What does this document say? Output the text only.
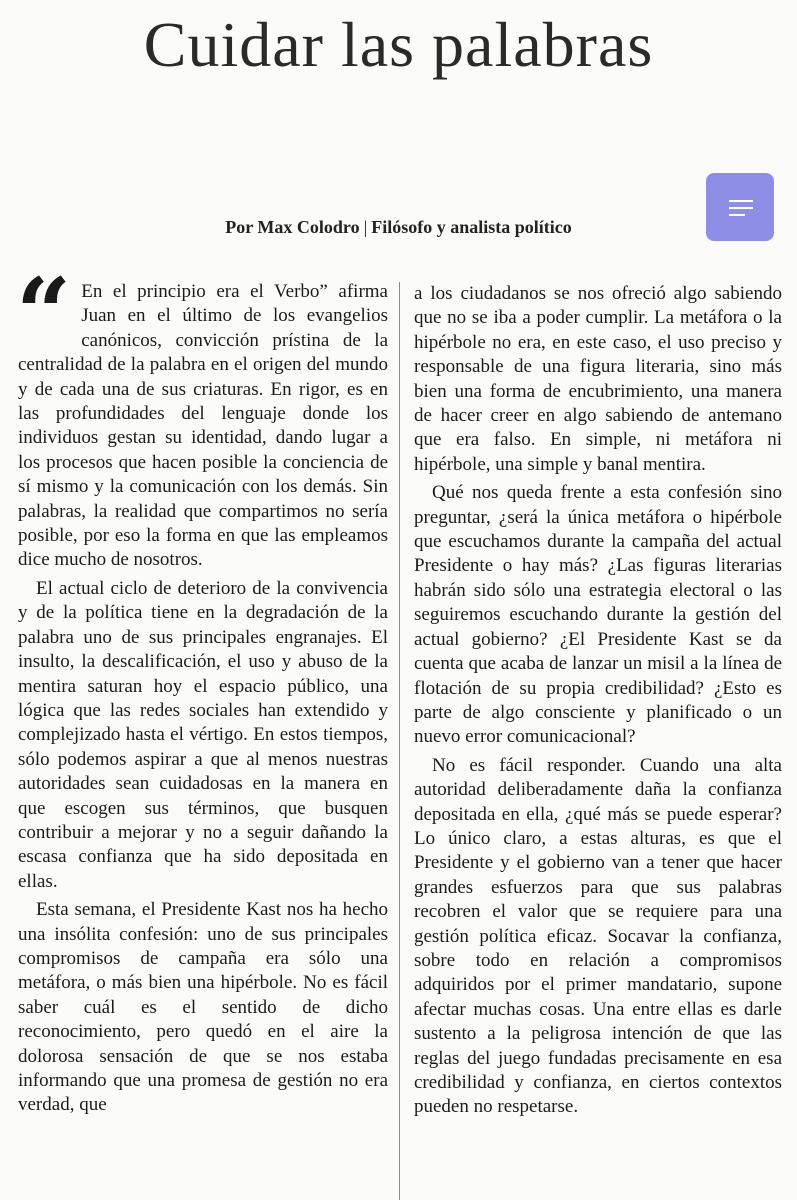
Cuidar las palabras
Por Max Colodro | Filósofo y analista político

“ En el principio era el Verbo” afirma Juan en el último de los evangelios canónicos, convicción prístina de la centralidad de la palabra en el origen del mundo y de cada una de sus criaturas. En rigor, es en las profundidades del lenguaje donde los individuos gestan su identidad, dando lugar a los procesos que hacen posible la conciencia de sí mismo y la comunicación con los demás. Sin palabras, la realidad que compartimos no sería posible, por eso la forma en que las empleamos dice mucho de nosotros.

El actual ciclo de deterioro de la convivencia y de la política tiene en la degradación de la palabra uno de sus principales engranajes. El insulto, la descalificación, el uso y abuso de la mentira saturan hoy el espacio público, una lógica que las redes sociales han extendido y complejizado hasta el vértigo. En estos tiempos, sólo podemos aspirar a que al menos nuestras autoridades sean cuidadosas en la manera en que escogen sus términos, que busquen contribuir a mejorar y no a seguir dañando la escasa confianza que ha sido depositada en ellas.

Esta semana, el Presidente Kast nos ha hecho una insólita confesión: uno de sus principales compromisos de campaña era sólo una metáfora, o más bien una hipérbole. No es fácil saber cuál es el sentido de dicho reconocimiento, pero quedó en el aire la dolorosa sensación de que se nos estaba informando que una promesa de gestión no era verdad, que

a los ciudadanos se nos ofreció algo sabiendo que no se iba a poder cumplir. La metáfora o la hipérbole no era, en este caso, el uso preciso y responsable de una figura literaria, sino más bien una forma de encubrimiento, una manera de hacer creer en algo sabiendo de antemano que era falso. En simple, ni metáfora ni hipérbole, una simple y banal mentira.

Qué nos queda frente a esta confesión sino preguntar, ¿será la única metáfora o hipérbole que escuchamos durante la campaña del actual Presidente o hay más? ¿Las figuras literarias habrán sido sólo una estrategia electoral o las seguiremos escuchando durante la gestión del actual gobierno? ¿El Presidente Kast se da cuenta que acaba de lanzar un misil a la línea de flotación de su propia credibilidad? ¿Esto es parte de algo consciente y planificado o un nuevo error comunicacional?

No es fácil responder. Cuando una alta autoridad deliberadamente daña la confianza depositada en ella, ¿qué más se puede esperar? Lo único claro, a estas alturas, es que el Presidente y el gobierno van a tener que hacer grandes esfuerzos para que sus palabras recobren el valor que se requiere para una gestión política eficaz. Socavar la confianza, sobre todo en relación a compromisos adquiridos por el primer mandatario, supone afectar muchas cosas. Una entre ellas es darle sustento a la peligrosa intención de que las reglas del juego fundadas precisamente en esa credibilidad y confianza, en ciertos contextos pueden no respetarse.
